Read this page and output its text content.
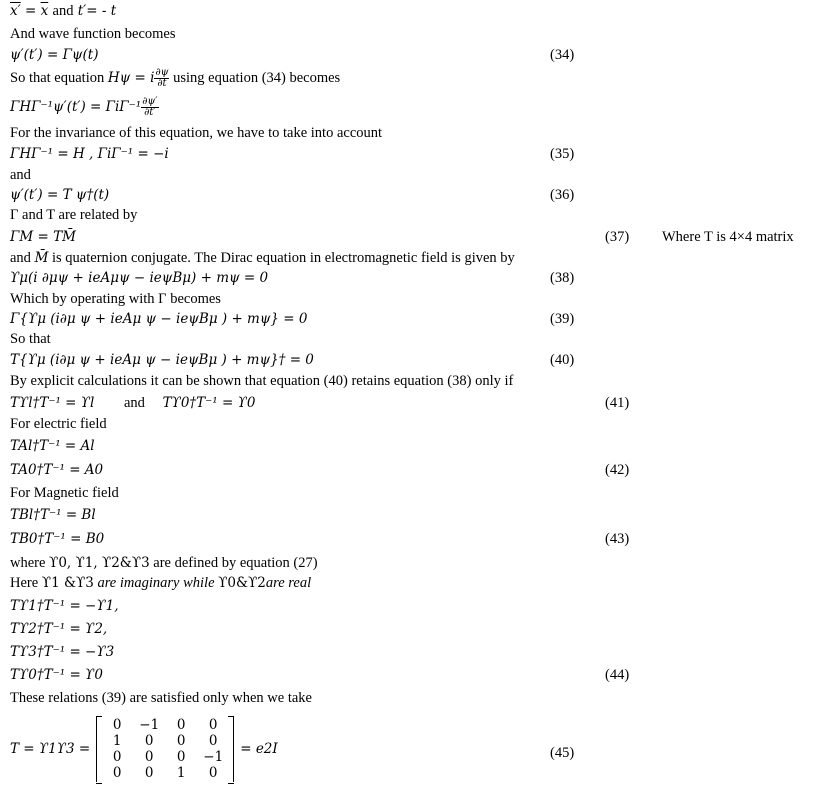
$x' = \overline{x}$ and t′= - t
And wave function becomes
ψ′(t′) = Γψ(t)	(34)
So that equation Hψ = i $\frac{\partial\psi}{\partial t}$ using equation (34) becomes
$\Gamma H\Gamma^{-1}\psi'(t') = \Gamma i\Gamma^{-1} \frac{\partial\psi'}{\partial t'}$
For the invariance of this equation, we have to take into account
ΓHΓ⁻¹ = H , ΓiΓ⁻¹ = −i	(35)
and
ψ′(t′) = T ψ†(t)	(36)
Γ and T are related by
ΓM = TM̄	(37) Where T is 4×4 matrix
and M̄ is quaternion conjugate. The Dirac equation in electromagnetic field is given by
ϒμ(i ∂μψ + ieAμψ − ieψBμ) + mψ = 0	(38)
Which by operating with Γ becomes
Γ{ϒμ (i∂μ ψ + ieAμ ψ − ieψBμ ) + mψ} = 0	(39)
So that
T{ϒμ (i∂μ ψ + ieAμ ψ − ieψBμ ) + mψ}† = 0	(40)
By explicit calculations it can be shown that equation (40) retains equation (38) only if
Tϒl†T⁻¹ = ϒl and Tϒ0†T⁻¹ = ϒ0	(41)
For electric field
TAl†T⁻¹ = Al
TA0†T⁻¹ = A0	(42)
For Magnetic field
TBl†T⁻¹ = Bl
TB0†T⁻¹ = B0	(43)
where ϒ0, ϒ1, ϒ2&ϒ3 are defined by equation (27)
Here ϒ1 &ϒ3 are imaginary while ϒ0&ϒ2are real
Tϒ1†T⁻¹ = −ϒ1,
Tϒ2†T⁻¹ = ϒ2,
Tϒ3†T⁻¹ = −ϒ3
Tϒ0†T⁻¹ = ϒ0	(44)
These relations (39) are satisfied only when we take
T = ϒ1ϒ3 =
0	−1	0	0
1	0	0	0
0	0	0	−1
0	0	1	0
= e2I	(45)
